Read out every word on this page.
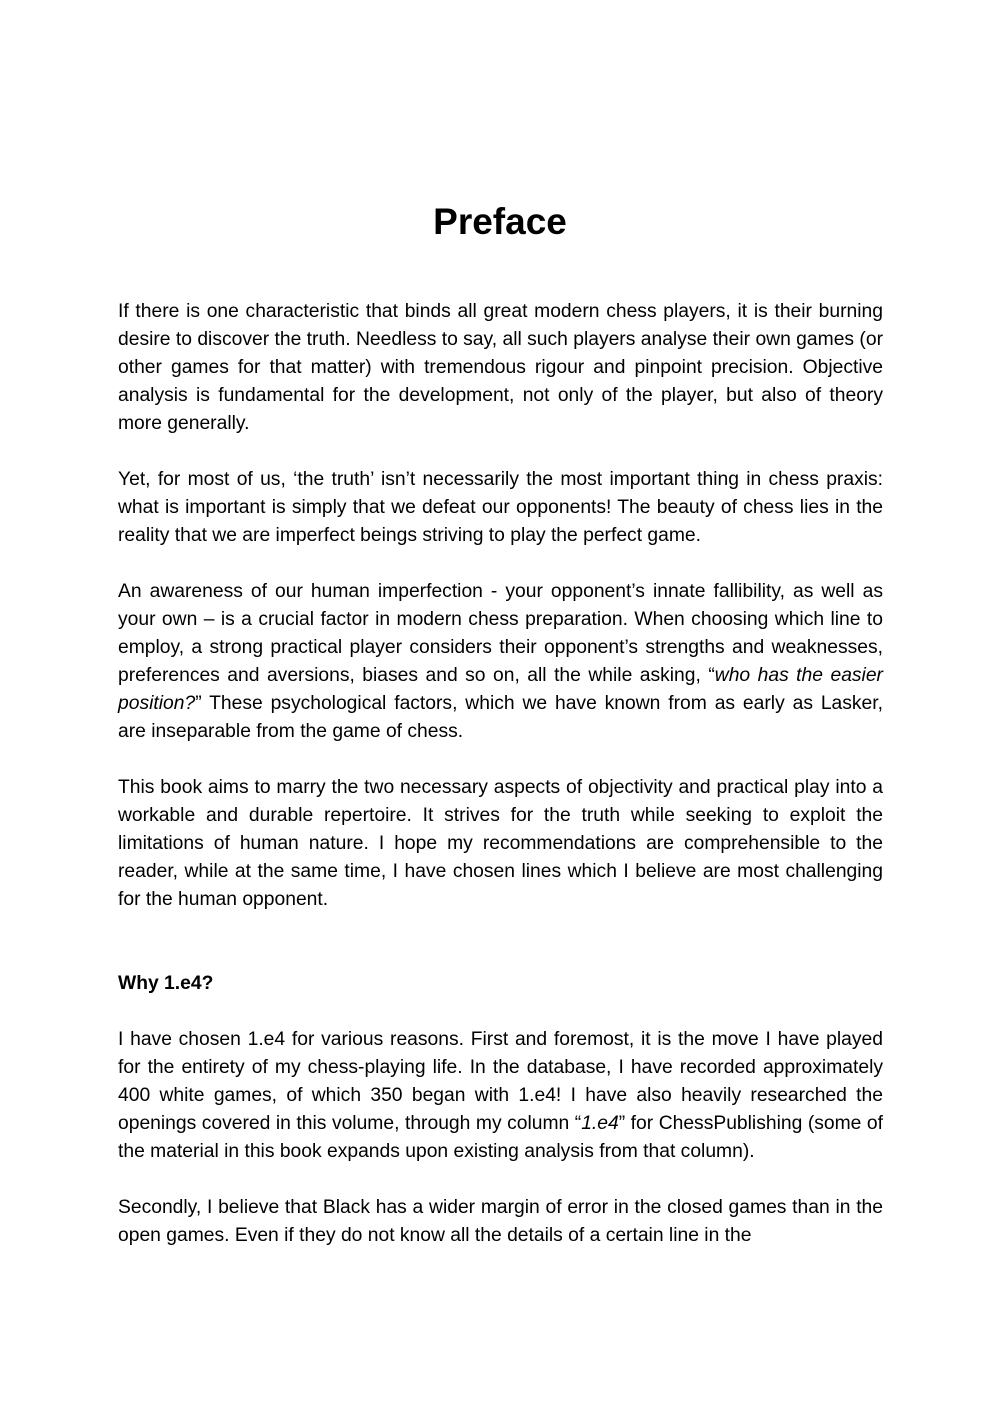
Preface

If there is one characteristic that binds all great modern chess players, it is their burning desire to discover the truth. Needless to say, all such players analyse their own games (or other games for that matter) with tremendous rigour and pinpoint precision. Objective analysis is fundamental for the development, not only of the player, but also of theory more generally.

Yet, for most of us, ‘the truth’ isn’t necessarily the most important thing in chess praxis: what is important is simply that we defeat our opponents! The beauty of chess lies in the reality that we are imperfect beings striving to play the perfect game.

An awareness of our human imperfection - your opponent’s innate fallibility, as well as your own – is a crucial factor in modern chess preparation. When choosing which line to employ, a strong practical player considers their opponent’s strengths and weaknesses, preferences and aversions, biases and so on, all the while asking, “who has the easier position?” These psychological factors, which we have known from as early as Lasker, are inseparable from the game of chess.

This book aims to marry the two necessary aspects of objectivity and practical play into a workable and durable repertoire. It strives for the truth while seeking to exploit the limitations of human nature. I hope my recommendations are comprehensible to the reader, while at the same time, I have chosen lines which I believe are most challenging for the human opponent.

Why 1.e4?

I have chosen 1.e4 for various reasons. First and foremost, it is the move I have played for the entirety of my chess-playing life. In the database, I have recorded approximately 400 white games, of which 350 began with 1.e4! I have also heavily researched the openings covered in this volume, through my column “1.e4” for ChessPublishing (some of the material in this book expands upon existing analysis from that column).

Secondly, I believe that Black has a wider margin of error in the closed games than in the open games. Even if they do not know all the details of a certain line in the
